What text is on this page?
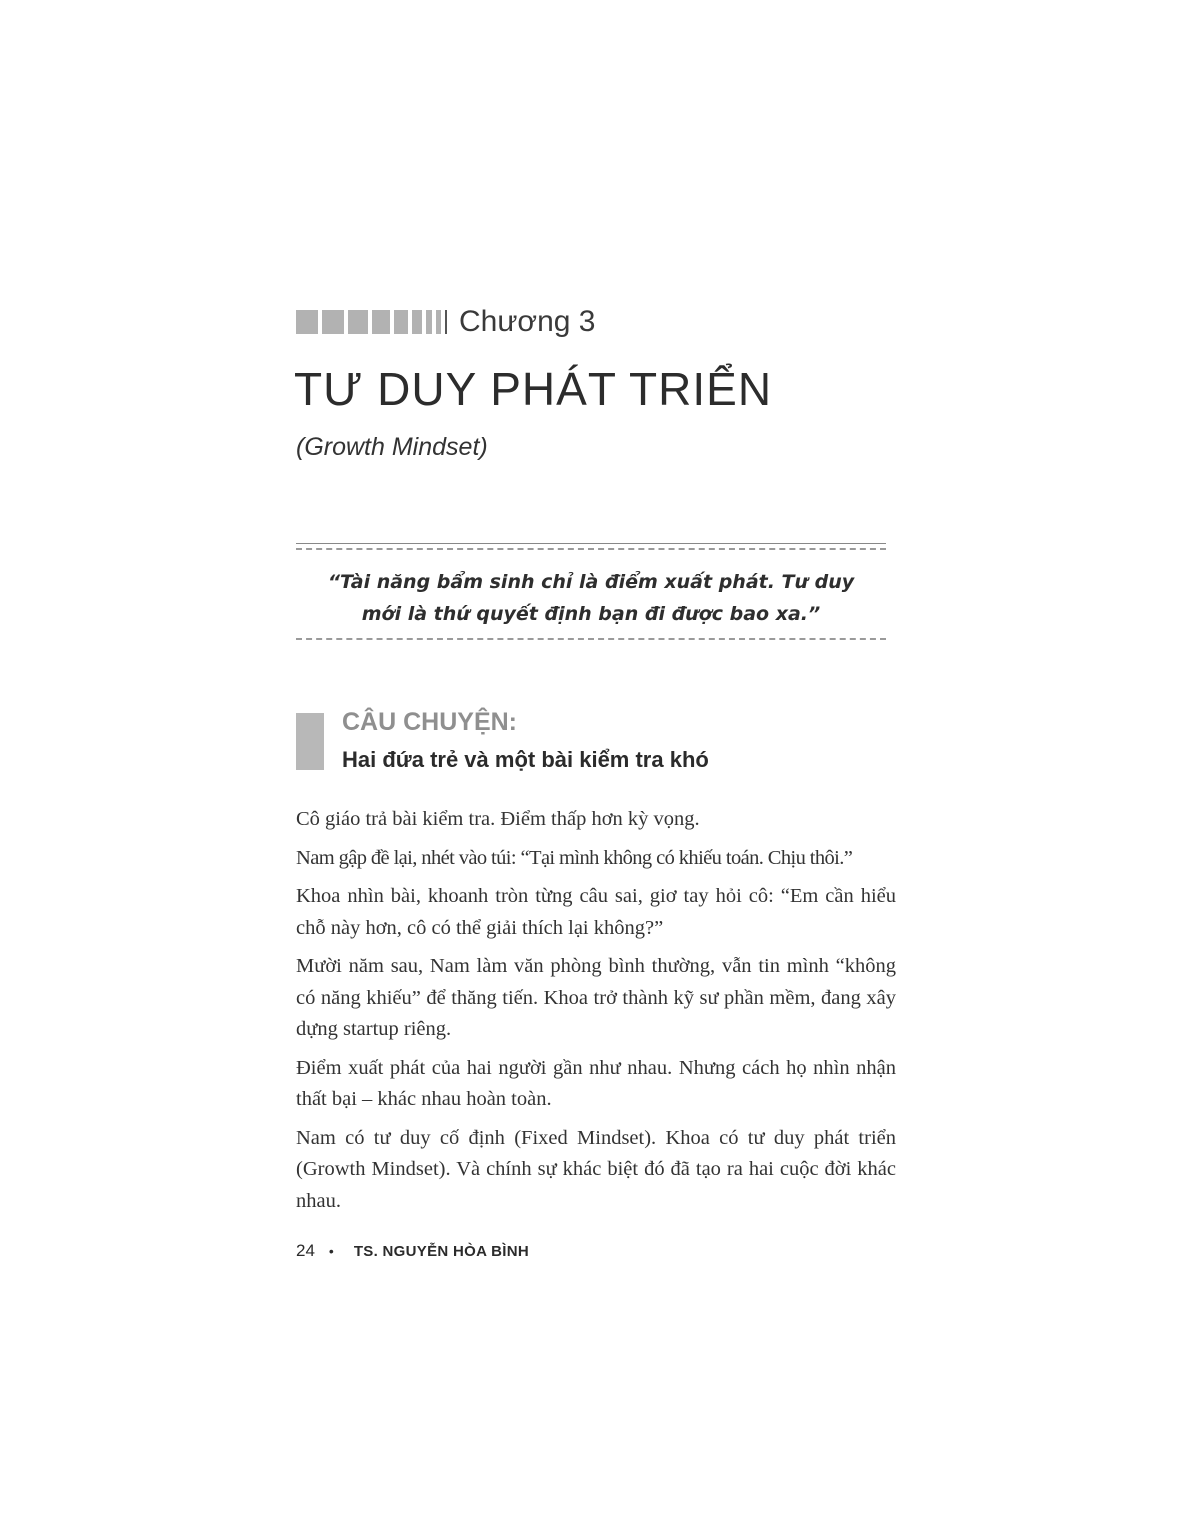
Chương 3
TƯ DUY PHÁT TRIỂN
(Growth Mindset)
“Tài năng bẩm sinh chỉ là điểm xuất phát. Tư duy
mới là thứ quyết định bạn đi được bao xa.”
CÂU CHUYỆN:
Hai đứa trẻ và một bài kiểm tra khó

Cô giáo trả bài kiểm tra. Điểm thấp hơn kỳ vọng.

Nam gập đề lại, nhét vào túi: “Tại mình không có khiếu toán. Chịu thôi.”

Khoa nhìn bài, khoanh tròn từng câu sai, giơ tay hỏi cô: “Em cần hiểu chỗ này hơn, cô có thể giải thích lại không?”

Mười năm sau, Nam làm văn phòng bình thường, vẫn tin mình “không có năng khiếu” để thăng tiến. Khoa trở thành kỹ sư phần mềm, đang xây dựng startup riêng.

Điểm xuất phát của hai người gần như nhau. Nhưng cách họ nhìn nhận thất bại – khác nhau hoàn toàn.

Nam có tư duy cố định (Fixed Mindset). Khoa có tư duy phát triển (Growth Mindset). Và chính sự khác biệt đó đã tạo ra hai cuộc đời khác nhau.

24 • TS. NGUYỄN HÒA BÌNH
